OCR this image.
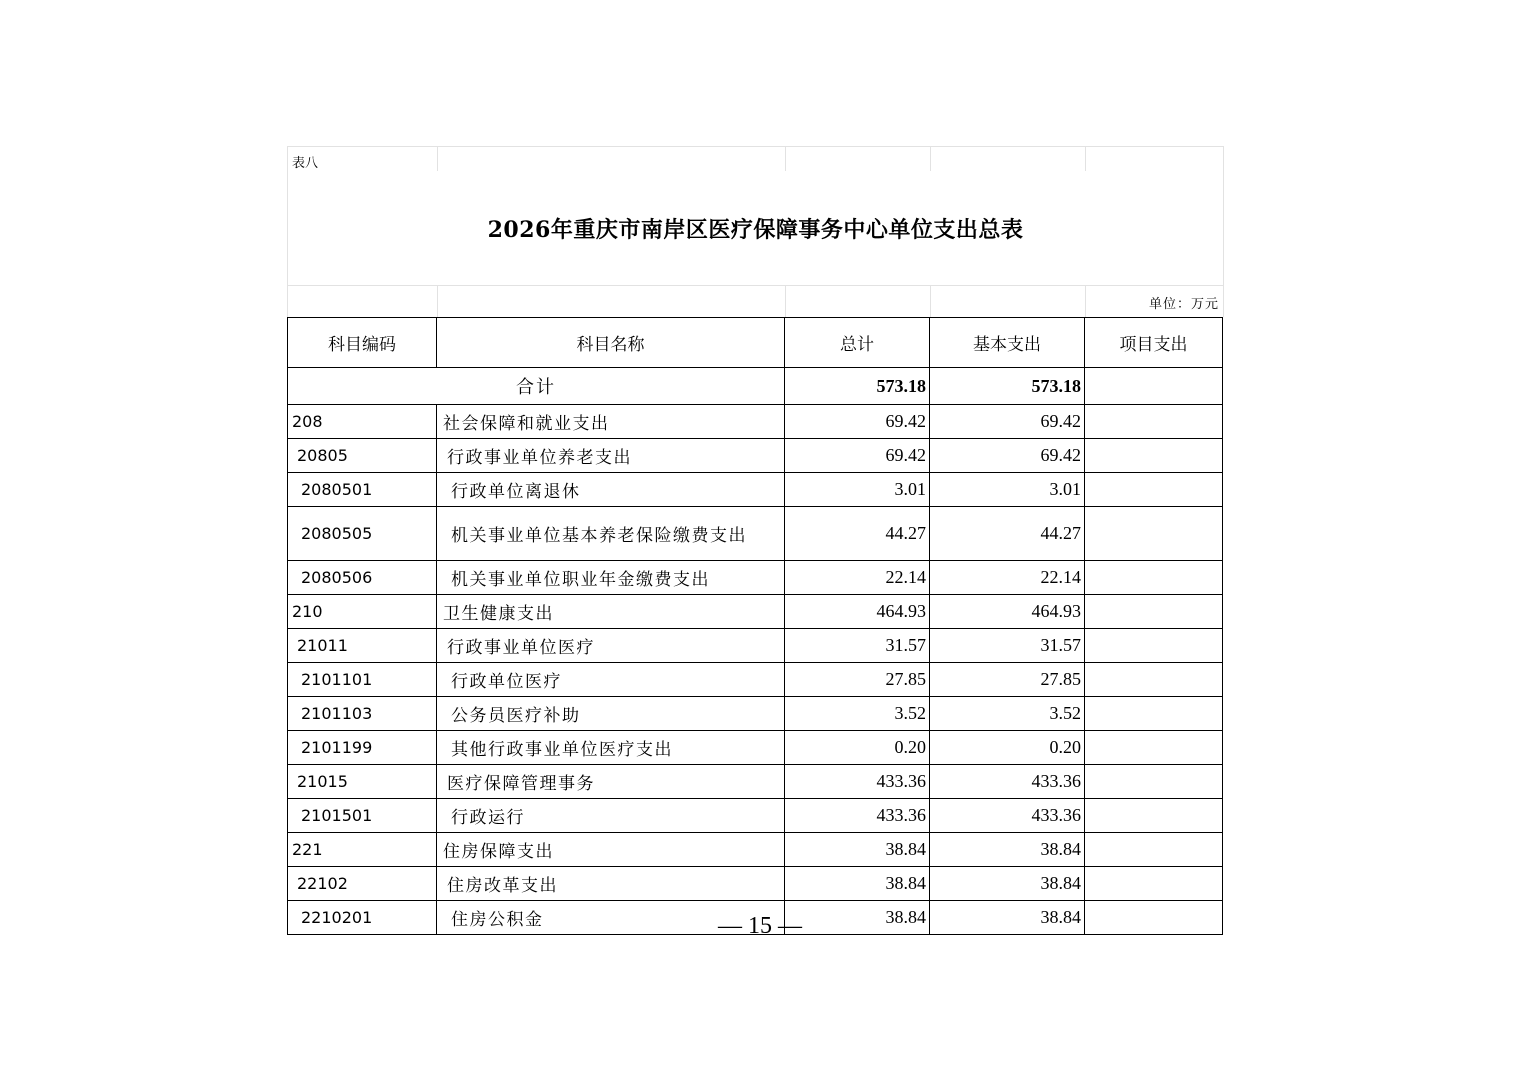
表八
2026年重庆市南岸区医疗保障事务中心单位支出总表
单位：万元
科目编码	科目名称	总计	基本支出	项目支出
合计		573.18	573.18	
208	社会保障和就业支出	69.42	69.42	
20805	行政事业单位养老支出	69.42	69.42	
2080501	行政单位离退休	3.01	3.01	
2080505	机关事业单位基本养老保险缴费支出	44.27	44.27	
2080506	机关事业单位职业年金缴费支出	22.14	22.14	
210	卫生健康支出	464.93	464.93	
21011	行政事业单位医疗	31.57	31.57	
2101101	行政单位医疗	27.85	27.85	
2101103	公务员医疗补助	3.52	3.52	
2101199	其他行政事业单位医疗支出	0.20	0.20	
21015	医疗保障管理事务	433.36	433.36	
2101501	行政运行	433.36	433.36	
221	住房保障支出	38.84	38.84	
22102	住房改革支出	38.84	38.84	
2210201	住房公积金	38.84	38.84	
— 15 —
